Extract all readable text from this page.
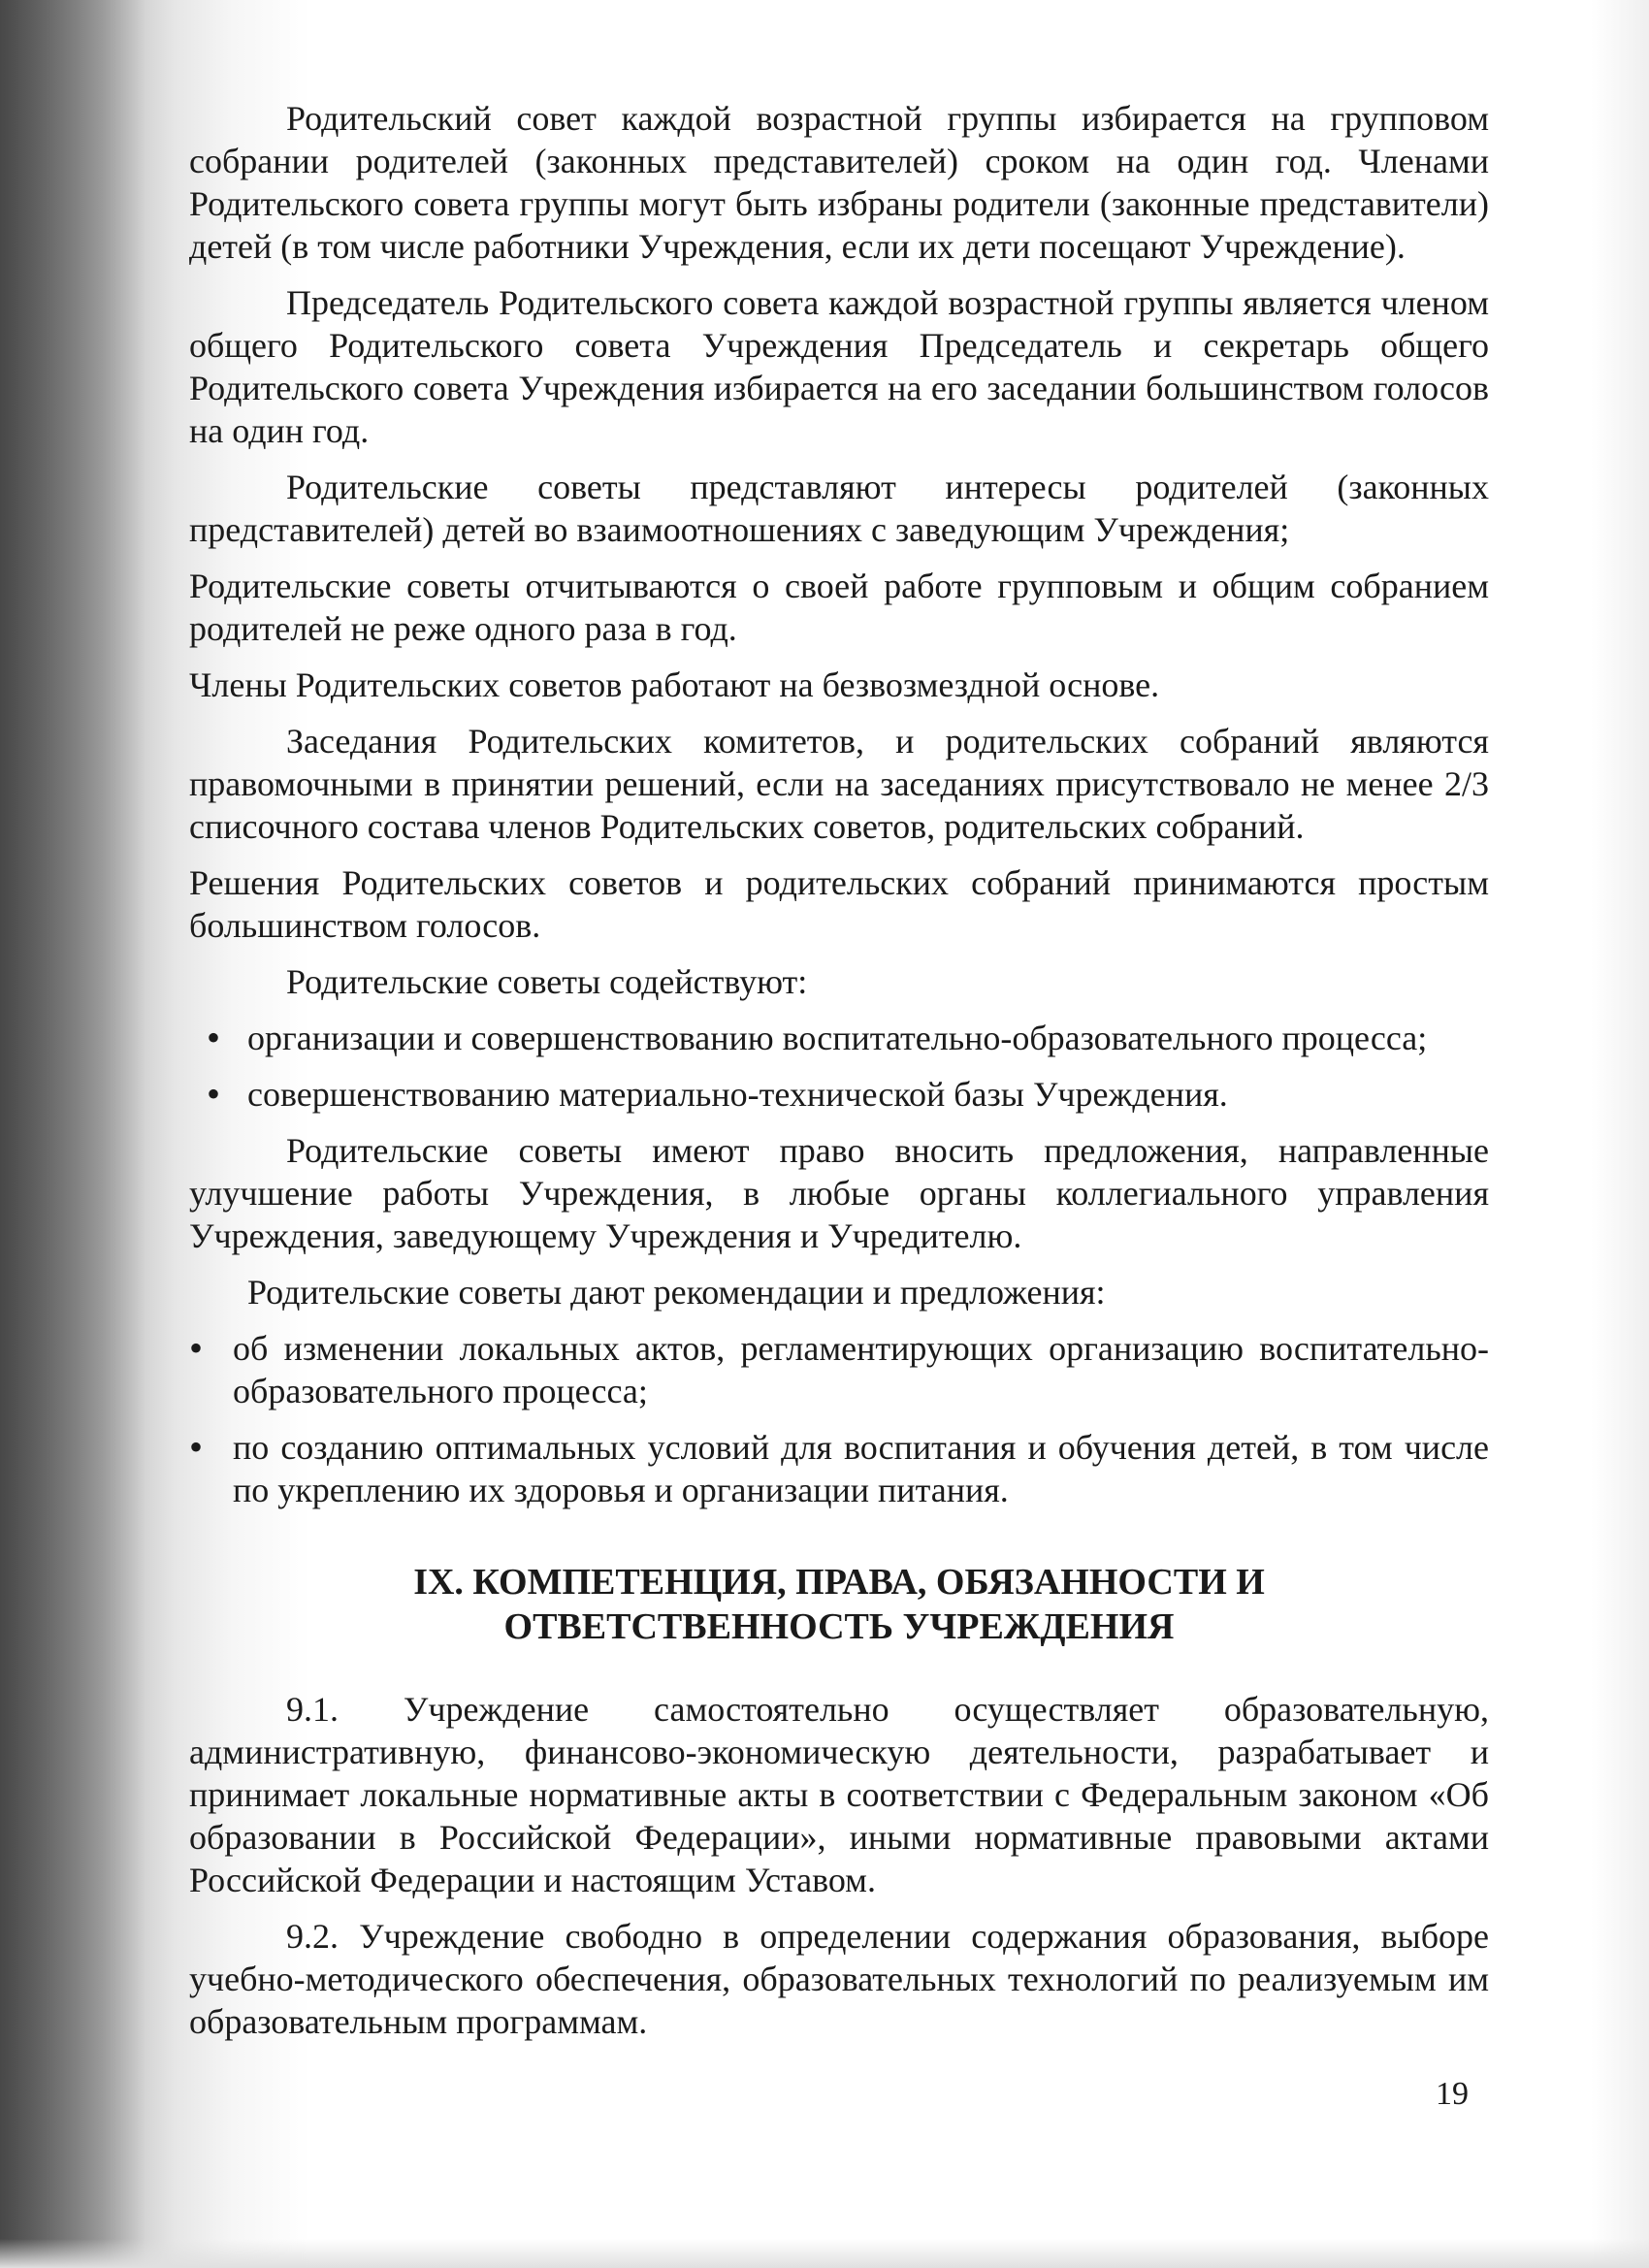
Родительский совет каждой возрастной группы избирается на групповом собрании родителей (законных представителей) сроком на один год. Членами Родительского совета группы могут быть избраны родители (законные представители) детей (в том числе работники Учреждения, если их дети посещают Учреждение).

Председатель Родительского совета каждой возрастной группы является членом общего Родительского совета Учреждения Председатель и секретарь общего Родительского совета Учреждения избирается на его заседании большинством голосов на один год.

Родительские советы представляют интересы родителей (законных представителей) детей во взаимоотношениях с заведующим Учреждения;

Родительские советы отчитываются о своей работе групповым и общим собранием родителей не реже одного раза в год.

Члены Родительских советов работают на безвозмездной основе.

Заседания Родительских комитетов, и родительских собраний являются правомочными в принятии решений, если на заседаниях присутствовало не менее 2/3 списочного состава членов Родительских советов, родительских собраний.

Решения Родительских советов и родительских собраний принимаются простым большинством голосов.

Родительские советы содействуют:

• организации и совершенствованию воспитательно-образовательного процесса;
• совершенствованию материально-технической базы Учреждения.

Родительские советы имеют право вносить предложения, направленные улучшение работы Учреждения, в любые органы коллегиального управления Учреждения, заведующему Учреждения и Учредителю.

Родительские советы дают рекомендации и предложения:

• об изменении локальных актов, регламентирующих организацию воспитательно-образовательного процесса;
• по созданию оптимальных условий для воспитания и обучения детей, в том числе по укреплению их здоровья и организации питания.
IX. КОМПЕТЕНЦИЯ, ПРАВА, ОБЯЗАННОСТИ И
ОТВЕТСТВЕННОСТЬ УЧРЕЖДЕНИЯ

9.1. Учреждение самостоятельно осуществляет образовательную, административную, финансово-экономическую деятельности, разрабатывает и принимает локальные нормативные акты в соответствии с Федеральным законом «Об образовании в Российской Федерации», иными нормативные правовыми актами Российской Федерации и настоящим Уставом.

9.2. Учреждение свободно в определении содержания образования, выборе учебно-методического обеспечения, образовательных технологий по реализуемым им образовательным программам.

19
